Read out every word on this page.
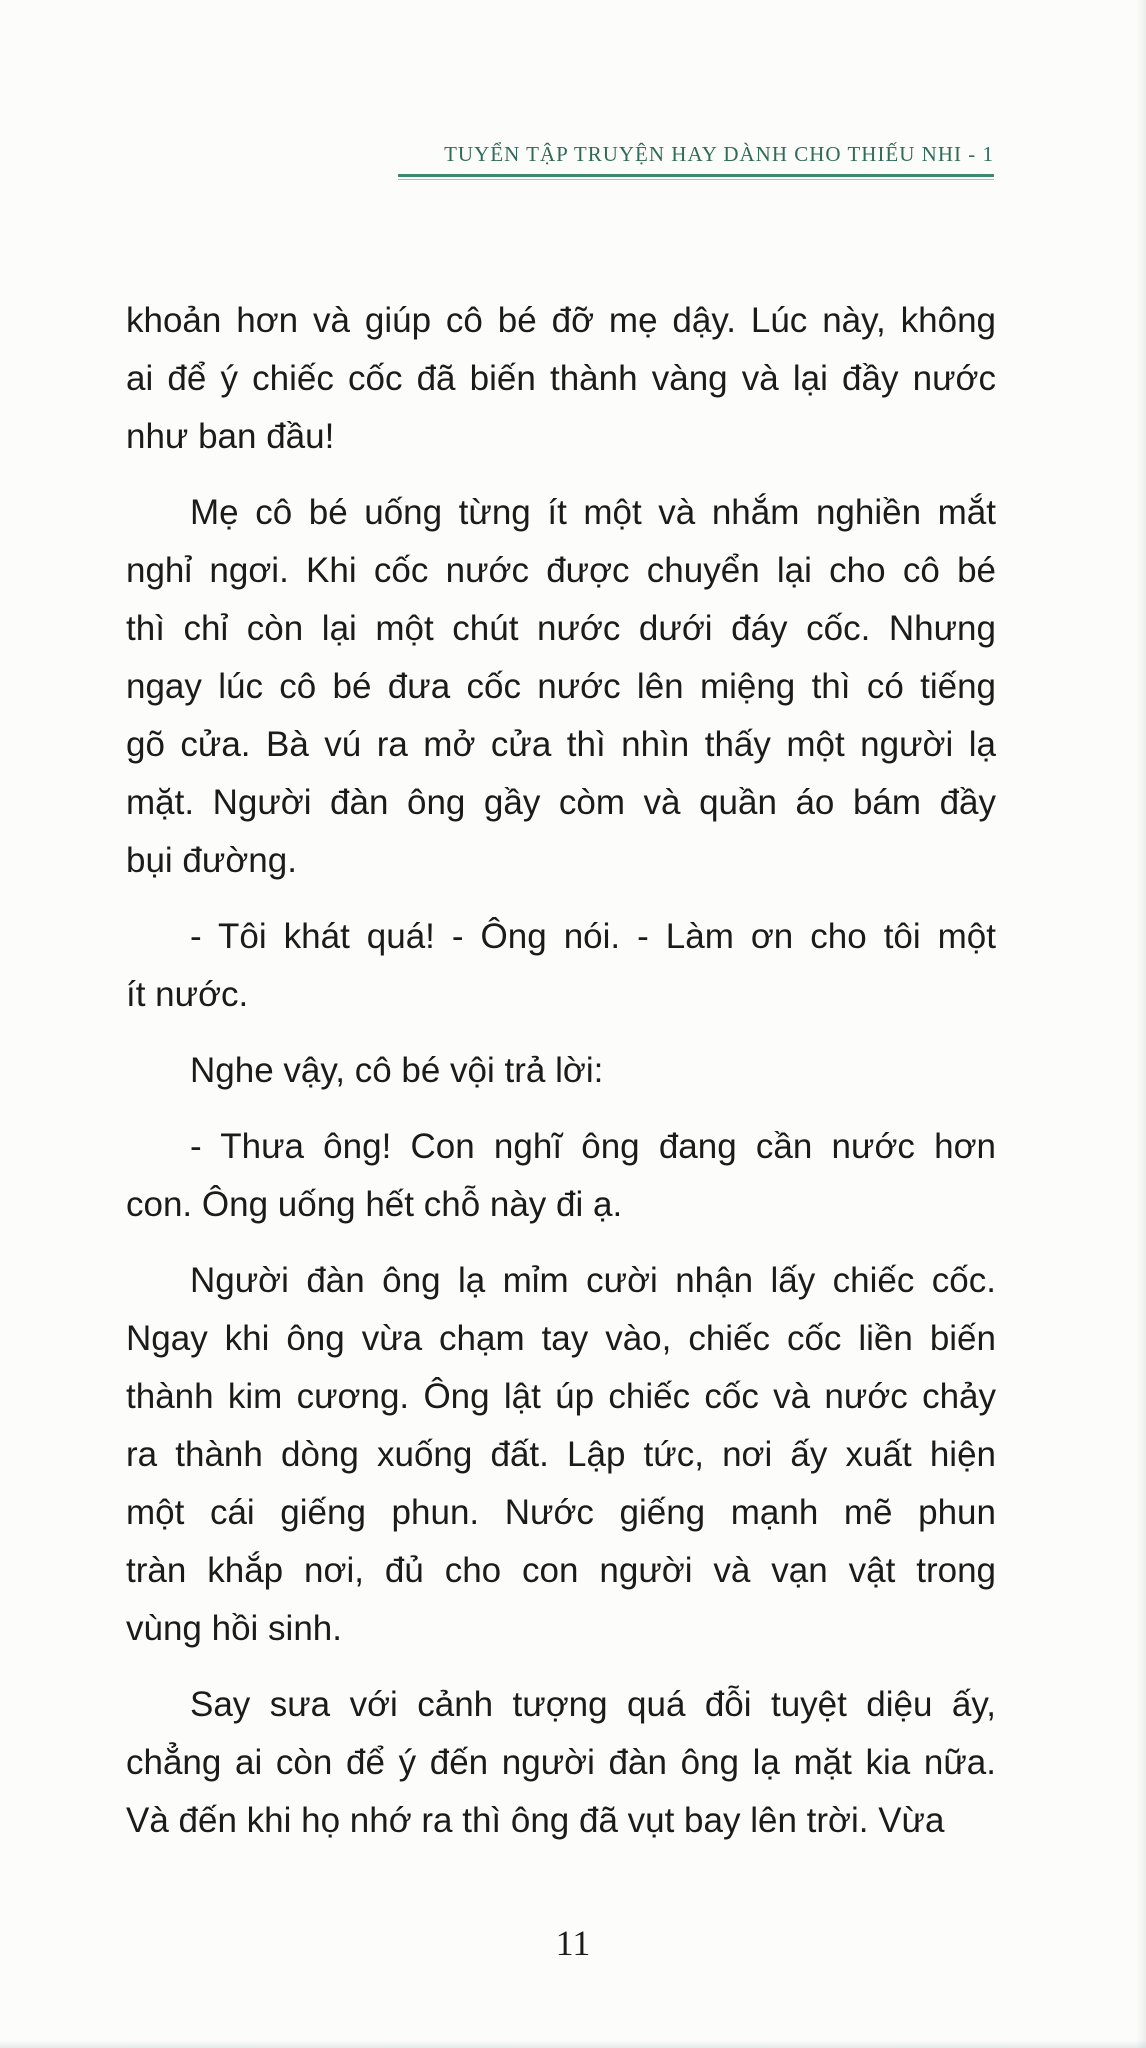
TUYỂN TẬP TRUYỆN HAY DÀNH CHO THIẾU NHI - 1

khoản hơn và giúp cô bé đỡ mẹ dậy. Lúc này, không
ai để ý chiếc cốc đã biến thành vàng và lại đầy nước
như ban đầu!

Mẹ cô bé uống từng ít một và nhắm nghiền mắt
nghỉ ngơi. Khi cốc nước được chuyển lại cho cô bé
thì chỉ còn lại một chút nước dưới đáy cốc. Nhưng
ngay lúc cô bé đưa cốc nước lên miệng thì có tiếng
gõ cửa. Bà vú ra mở cửa thì nhìn thấy một người lạ
mặt. Người đàn ông gầy còm và quần áo bám đầy
bụi đường.

- Tôi khát quá! - Ông nói. - Làm ơn cho tôi một
ít nước.

Nghe vậy, cô bé vội trả lời:

- Thưa ông! Con nghĩ ông đang cần nước hơn
con. Ông uống hết chỗ này đi ạ.

Người đàn ông lạ mỉm cười nhận lấy chiếc cốc.
Ngay khi ông vừa chạm tay vào, chiếc cốc liền biến
thành kim cương. Ông lật úp chiếc cốc và nước chảy
ra thành dòng xuống đất. Lập tức, nơi ấy xuất hiện
một cái giếng phun. Nước giếng mạnh mẽ phun
tràn khắp nơi, đủ cho con người và vạn vật trong
vùng hồi sinh.

Say sưa với cảnh tượng quá đỗi tuyệt diệu ấy,
chẳng ai còn để ý đến người đàn ông lạ mặt kia nữa.
Và đến khi họ nhớ ra thì ông đã vụt bay lên trời. Vừa

11
